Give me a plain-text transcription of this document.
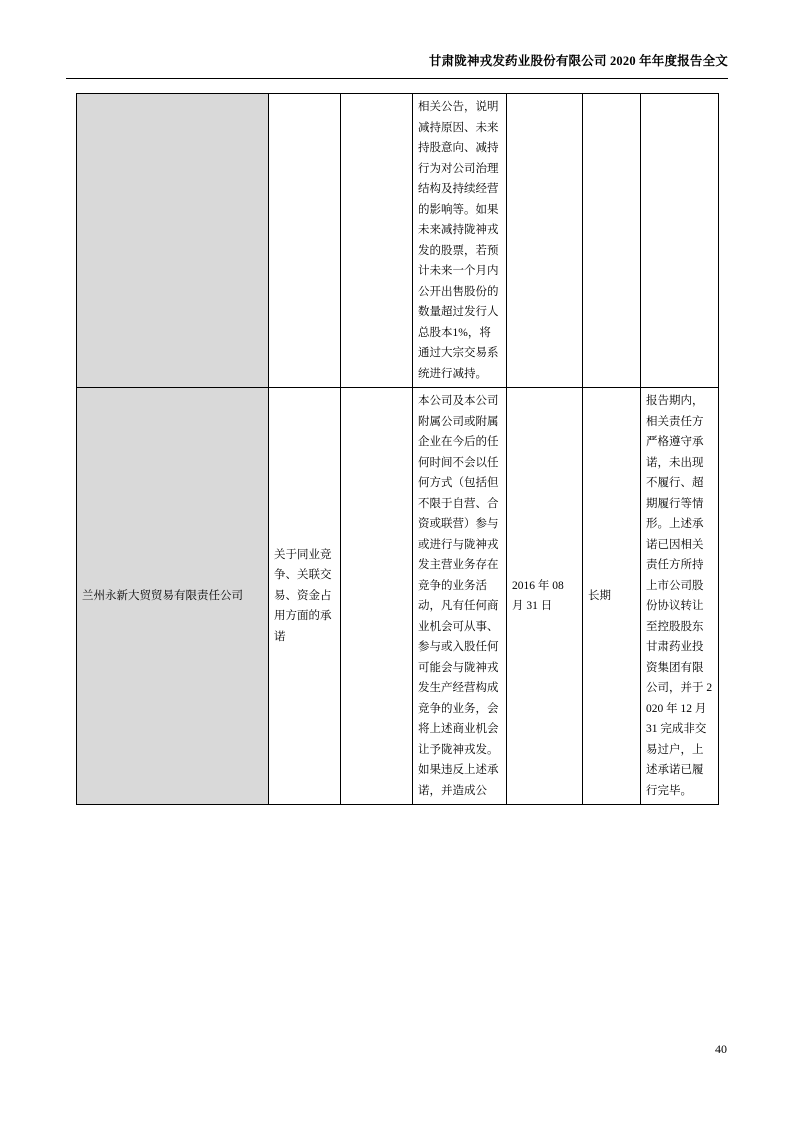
甘肃陇神戎发药业股份有限公司 2020 年年度报告全文
			相关公告，说明减持原因、未来持股意向、减持行为对公司治理结构及持续经营的影响等。如果未来减持陇神戎发的股票，若预计未来一个月内公开出售股份的数量超过发行人总股本1%，将通过大宗交易系统进行减持。			
兰州永新大贸贸易有限责任公司	关于同业竞争、关联交易、资金占用方面的承诺		本公司及本公司附属公司或附属企业在今后的任何时间不会以任何方式（包括但不限于自营、合资或联营）参与或进行与陇神戎发主营业务存在竞争的业务活动，凡有任何商业机会可从事、参与或入股任何可能会与陇神戎发生产经营构成竞争的业务，会将上述商业机会让予陇神戎发。如果违反上述承诺，并造成公	2016 年 08 月 31 日	长期	报告期内，相关责任方严格遵守承诺，未出现不履行、超期履行等情形。上述承诺已因相关责任方所持上市公司股份协议转让至控股股东甘肃药业投资集团有限公司，并于 2020 年 12 月 31 完成非交易过户，上述承诺已履行完毕。
40
